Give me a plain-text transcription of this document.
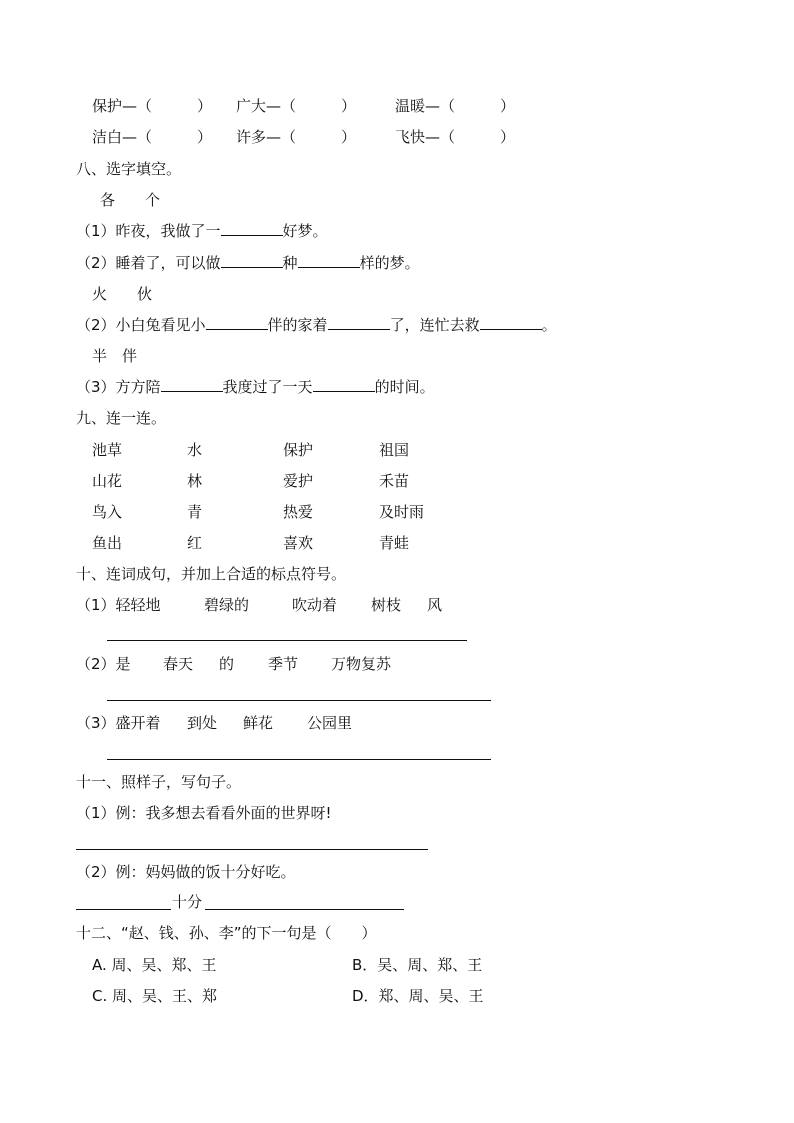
保护—（　　　） 广大—（　　　）	温暖—（　　　）
洁白—（　　　） 许多—（　　　）	飞快—（　　　）
八、选字填空。
各　　个
（1）昨夜，我做了一	好梦。
（2）睡着了，可以做	种	样的梦。
火　　伙
（2）小白兔看见小	伴的家着	了，连忙去救	。
半　伴
（3）方方陪	我度过了一天	的时间。
九、连一连。
池草	水	保护	祖国
山花	林	爱护	禾苗
鸟入	青	热爱	及时雨
鱼出	红	喜欢	青蛙
十、连词成句，并加上合适的标点符号。
（1）轻轻地	碧绿的	吹动着 树枝 风
（2）是 春天 的 季节 万物复苏
（3）盛开着 到处 鲜花 公园里
十一、照样子，写句子。
（1）例：我多想去看看外面的世界呀!
（2）例：妈妈做的饭十分好吃。
十分
十二、“赵、钱、孙、李”的下一句是（　　）
A. 周、吴、郑、王	B．吴、周、郑、王
C. 周、吴、王、郑	D．郑、周、吴、王
